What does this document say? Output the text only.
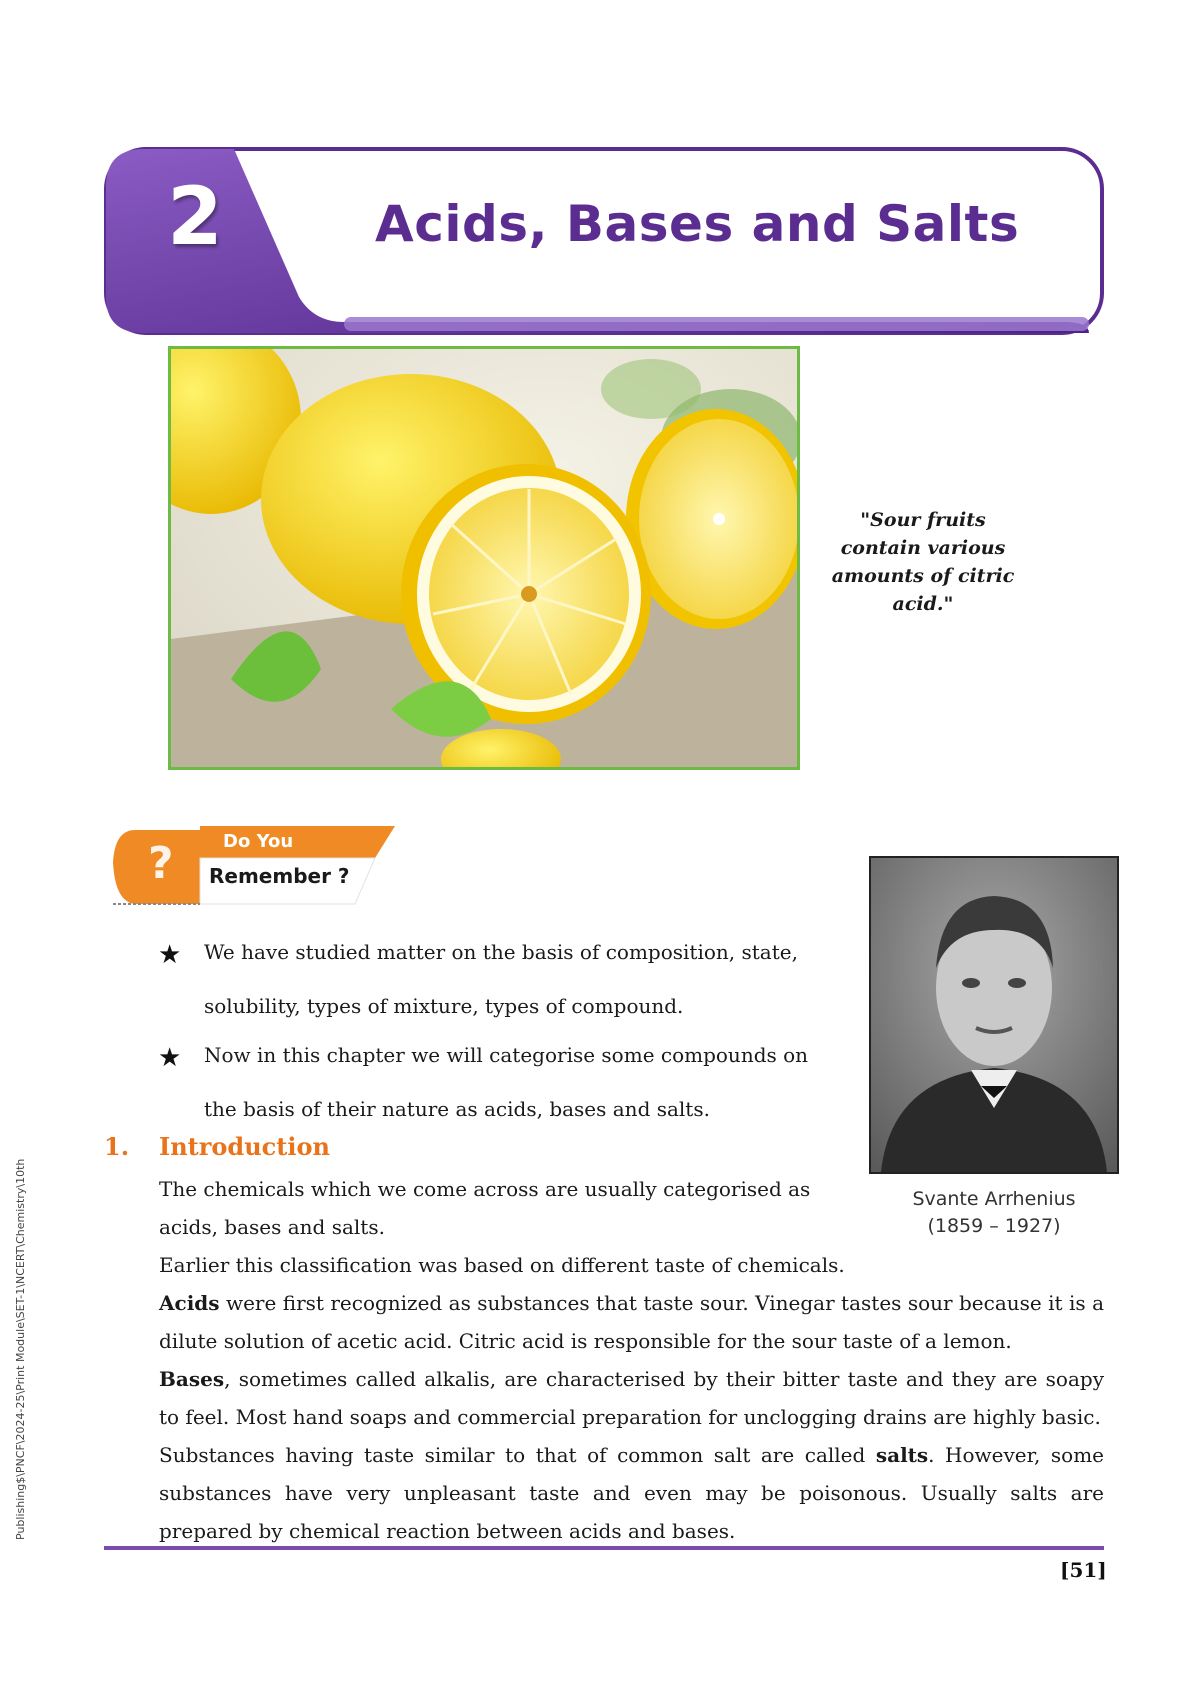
2	Acids, Bases and Salts
"Sour fruits contain various amounts of citric acid."
?	Do You
Remember ?
Svante Arrhenius
(1859 – 1927)
★ We have studied matter on the basis of composition, state,
solubility, types of mixture, types of compound.
★ Now in this chapter we will categorise some compounds on
the basis of their nature as acids, bases and salts.
1. Introduction
The chemicals which we come across are usually categorised as
acids, bases and salts.
Earlier this classification was based on different taste of chemicals.
Acids were first recognized as substances that taste sour. Vinegar tastes sour because it is a dilute solution of acetic acid. Citric acid is responsible for the sour taste of a lemon.
Bases, sometimes called alkalis, are characterised by their bitter taste and they are soapy to feel. Most hand soaps and commercial preparation for unclogging drains are highly basic.
Substances having taste similar to that of common salt are called salts. However, some substances have very unpleasant taste and even may be poisonous. Usually salts are prepared by chemical reaction between acids and bases.
[51]
Publishing$\PNCF\2024-25\Print Module\SET-1\NCERT\Chemistry\10th
